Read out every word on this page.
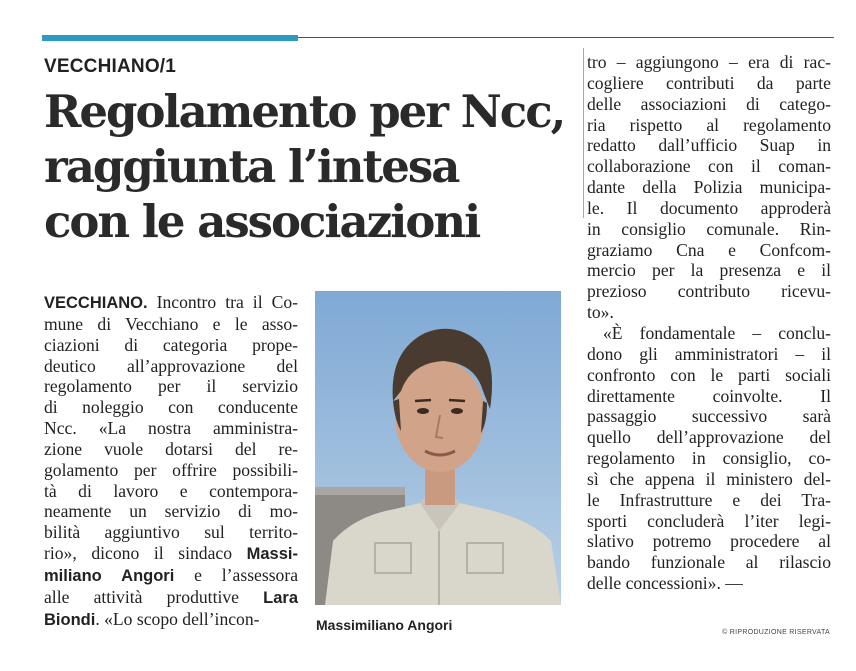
VECCHIANO/1
Regolamento per Ncc,
raggiunta l’intesa
con le associazioni
VECCHIANO. Incontro tra il Co-
mune di Vecchiano e le asso-
ciazioni di categoria prope-
deutico all’approvazione del
regolamento per il servizio
di noleggio con conducente
Ncc. «La nostra amministra-
zione vuole dotarsi del re-
golamento per offrire possibili-
tà di lavoro e contempora-
neamente un servizio di mo-
bilità aggiuntivo sul territo-
rio», dicono il sindaco Massi-
miliano Angori e l’assessora
alle attività produttive Lara
Biondi. «Lo scopo dell’incon-	Massimiliano Angori
tro – aggiungono – era di rac-
cogliere contributi da parte
delle associazioni di catego-
ria rispetto al regolamento
redatto dall’ufficio Suap in
collaborazione con il coman-
dante della Polizia municipa-
le. Il documento approderà
in consiglio comunale. Rin-
graziamo Cna e Confcom-
mercio per la presenza e il
prezioso contributo ricevu-
to».
«È fondamentale – conclu-
dono gli amministratori – il
confronto con le parti sociali
direttamente coinvolte. Il
passaggio successivo sarà
quello dell’approvazione del
regolamento in consiglio, co-
sì che appena il ministero del-
le Infrastrutture e dei Tra-
sporti concluderà l’iter legi-
slativo potremo procedere al
bando funzionale al rilascio
delle concessioni». —
© RIPRODUZIONE RISERVATA
